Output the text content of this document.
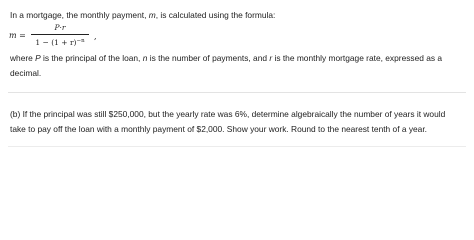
In a mortgage, the monthly payment, m, is calculated using the formula:
m =
P·r
$1 - (1 + r)^{-n}$	,
where P is the principal of the loan, n is the number of payments, and r is the monthly mortgage rate, expressed as a
decimal.
(b) If the principal was still $250,000, but the yearly rate was 6%, determine algebraically the number of years it would
take to pay off the loan with a monthly payment of $2,000. Show your work. Round to the nearest tenth of a year.
